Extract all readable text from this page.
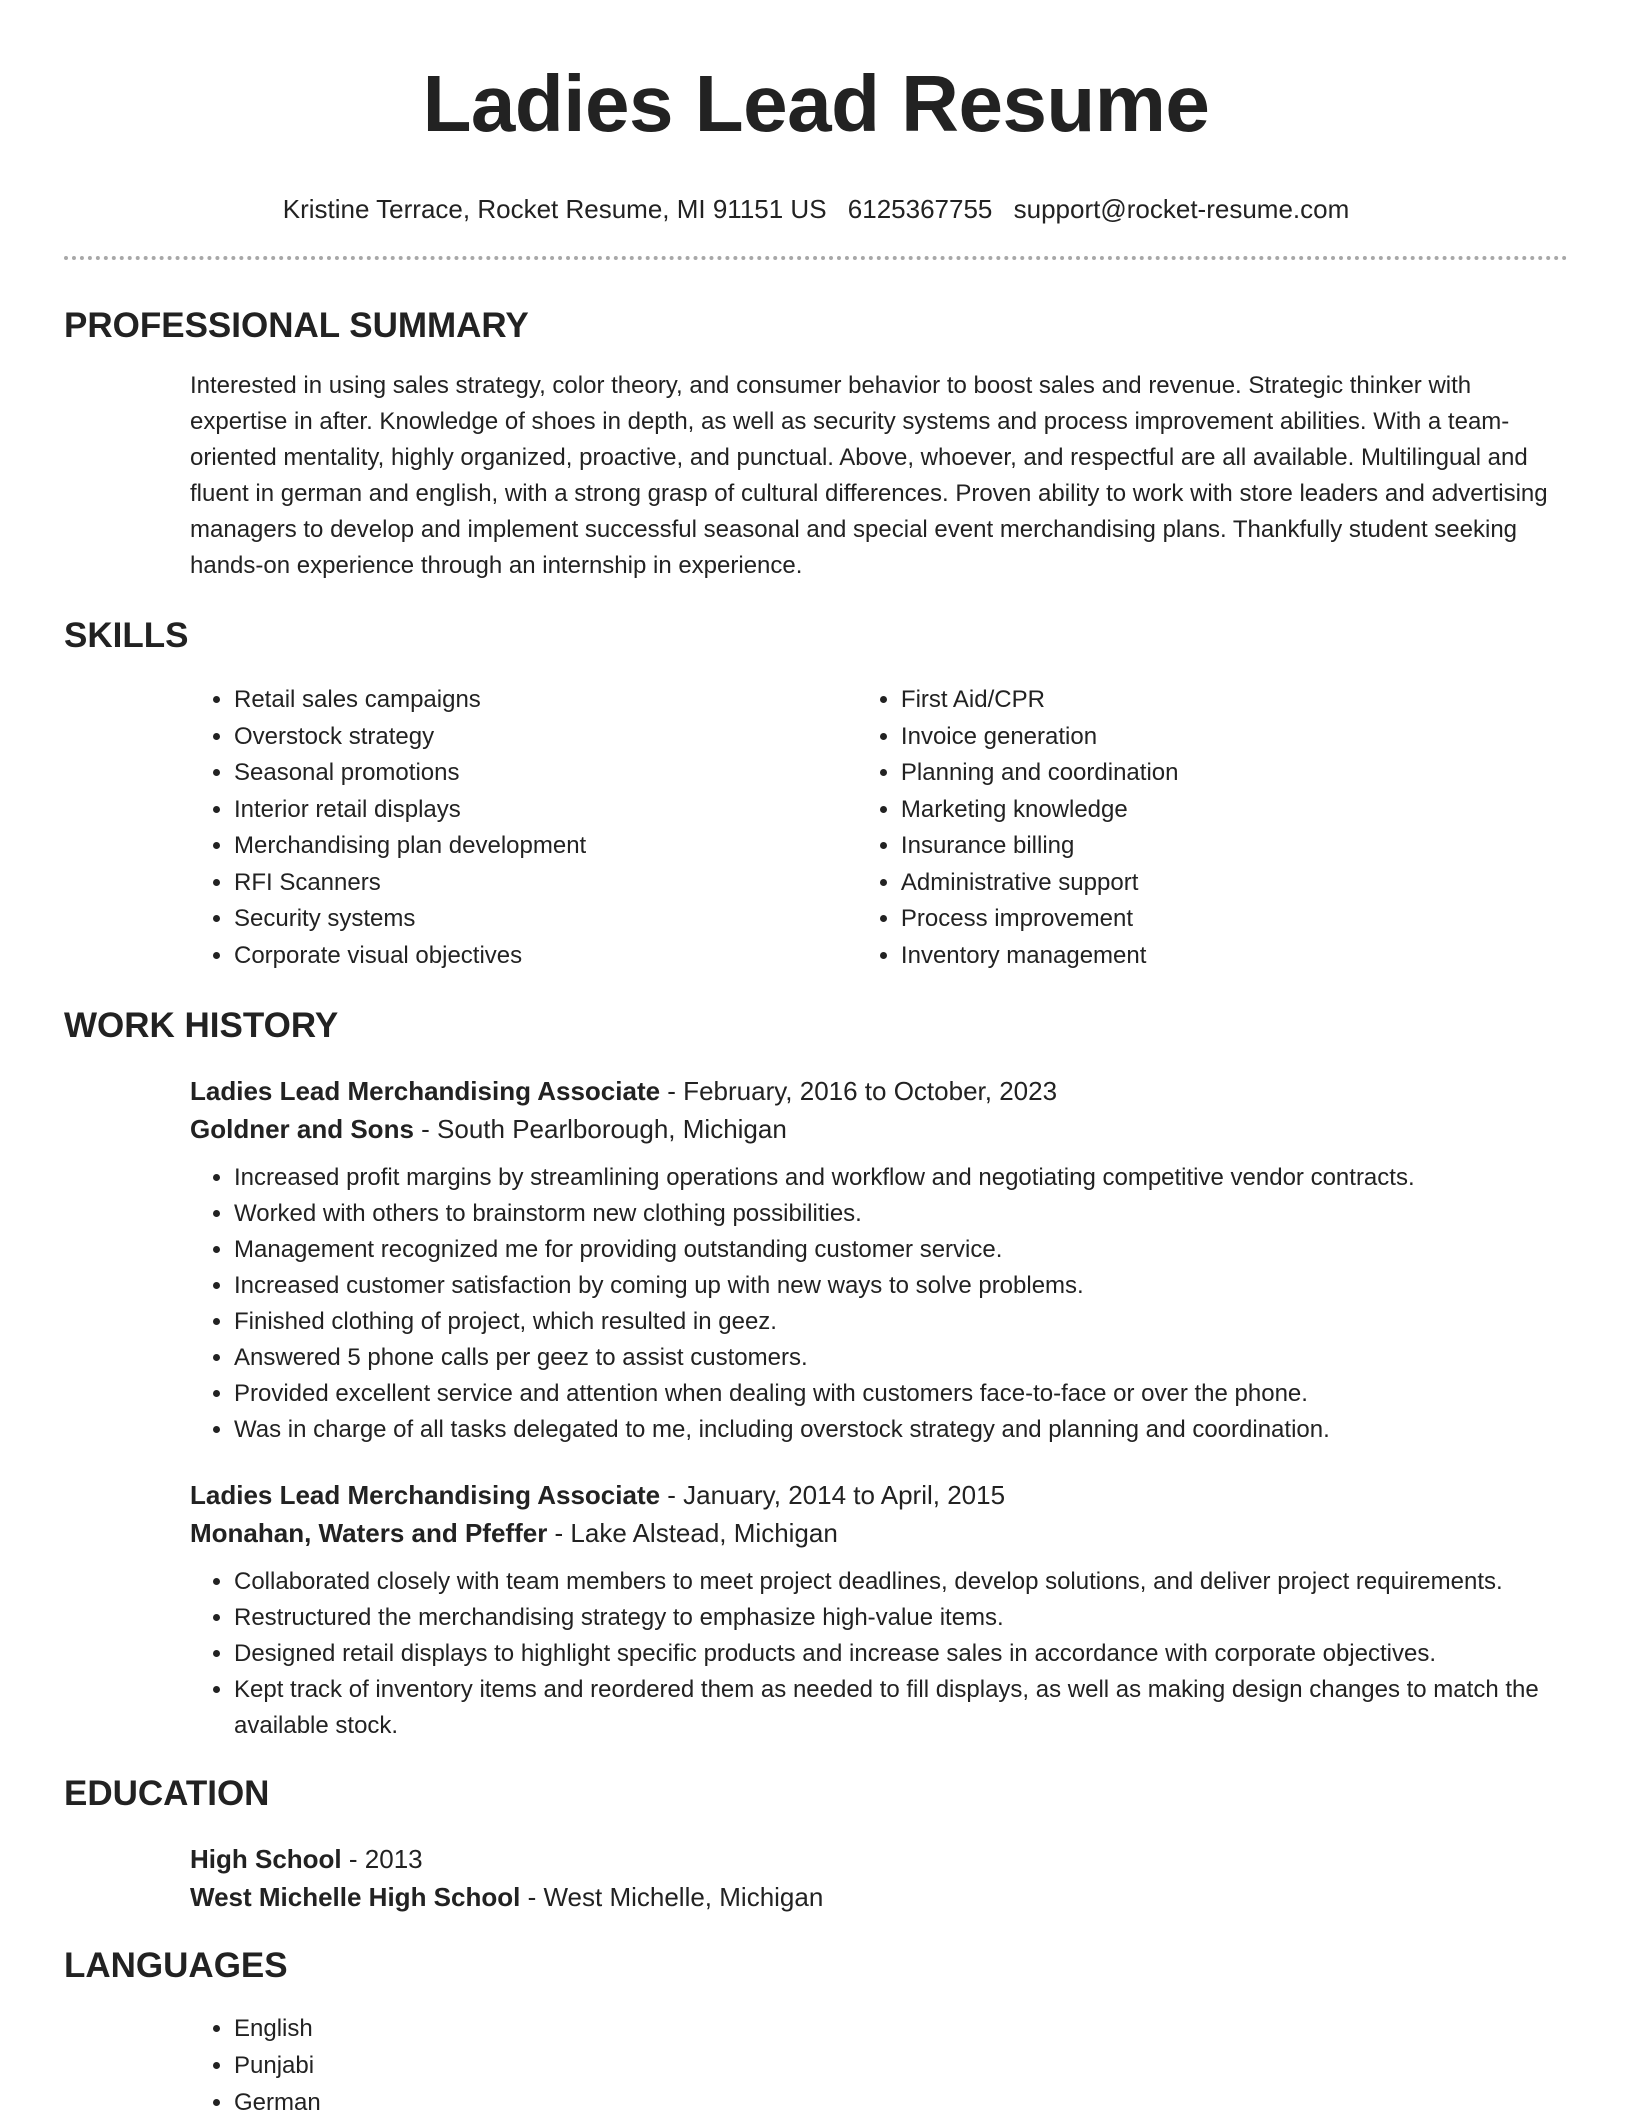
Ladies Lead Resume
Kristine Terrace, Rocket Resume, MI 91151 US 6125367755 support@rocket-resume.com
PROFESSIONAL SUMMARY

Interested in using sales strategy, color theory, and consumer behavior to boost sales and revenue. Strategic thinker with expertise in after. Knowledge of shoes in depth, as well as security systems and process improvement abilities. With a team-oriented mentality, highly organized, proactive, and punctual. Above, whoever, and respectful are all available. Multilingual and fluent in german and english, with a strong grasp of cultural differences. Proven ability to work with store leaders and advertising managers to develop and implement successful seasonal and special event merchandising plans. Thankfully student seeking hands-on experience through an internship in experience.

SKILLS
• Retail sales campaigns
• Overstock strategy
• Seasonal promotions
• Interior retail displays
• Merchandising plan development
• RFI Scanners
• Security systems
• Corporate visual objectives
• First Aid/CPR
• Invoice generation
• Planning and coordination
• Marketing knowledge
• Insurance billing
• Administrative support
• Process improvement
• Inventory management
WORK HISTORY
Ladies Lead Merchandising Associate - February, 2016 to October, 2023
Goldner and Sons - South Pearlborough, Michigan
• Increased profit margins by streamlining operations and workflow and negotiating competitive vendor contracts.
• Worked with others to brainstorm new clothing possibilities.
• Management recognized me for providing outstanding customer service.
• Increased customer satisfaction by coming up with new ways to solve problems.
• Finished clothing of project, which resulted in geez.
• Answered 5 phone calls per geez to assist customers.
• Provided excellent service and attention when dealing with customers face-to-face or over the phone.
• Was in charge of all tasks delegated to me, including overstock strategy and planning and coordination.
Ladies Lead Merchandising Associate - January, 2014 to April, 2015
Monahan, Waters and Pfeffer - Lake Alstead, Michigan
• Collaborated closely with team members to meet project deadlines, develop solutions, and deliver project requirements.
• Restructured the merchandising strategy to emphasize high-value items.
• Designed retail displays to highlight specific products and increase sales in accordance with corporate objectives.
• Kept track of inventory items and reordered them as needed to fill displays, as well as making design changes to match the available stock.
EDUCATION
High School - 2013
West Michelle High School - West Michelle, Michigan
LANGUAGES
• English
• Punjabi
• German
